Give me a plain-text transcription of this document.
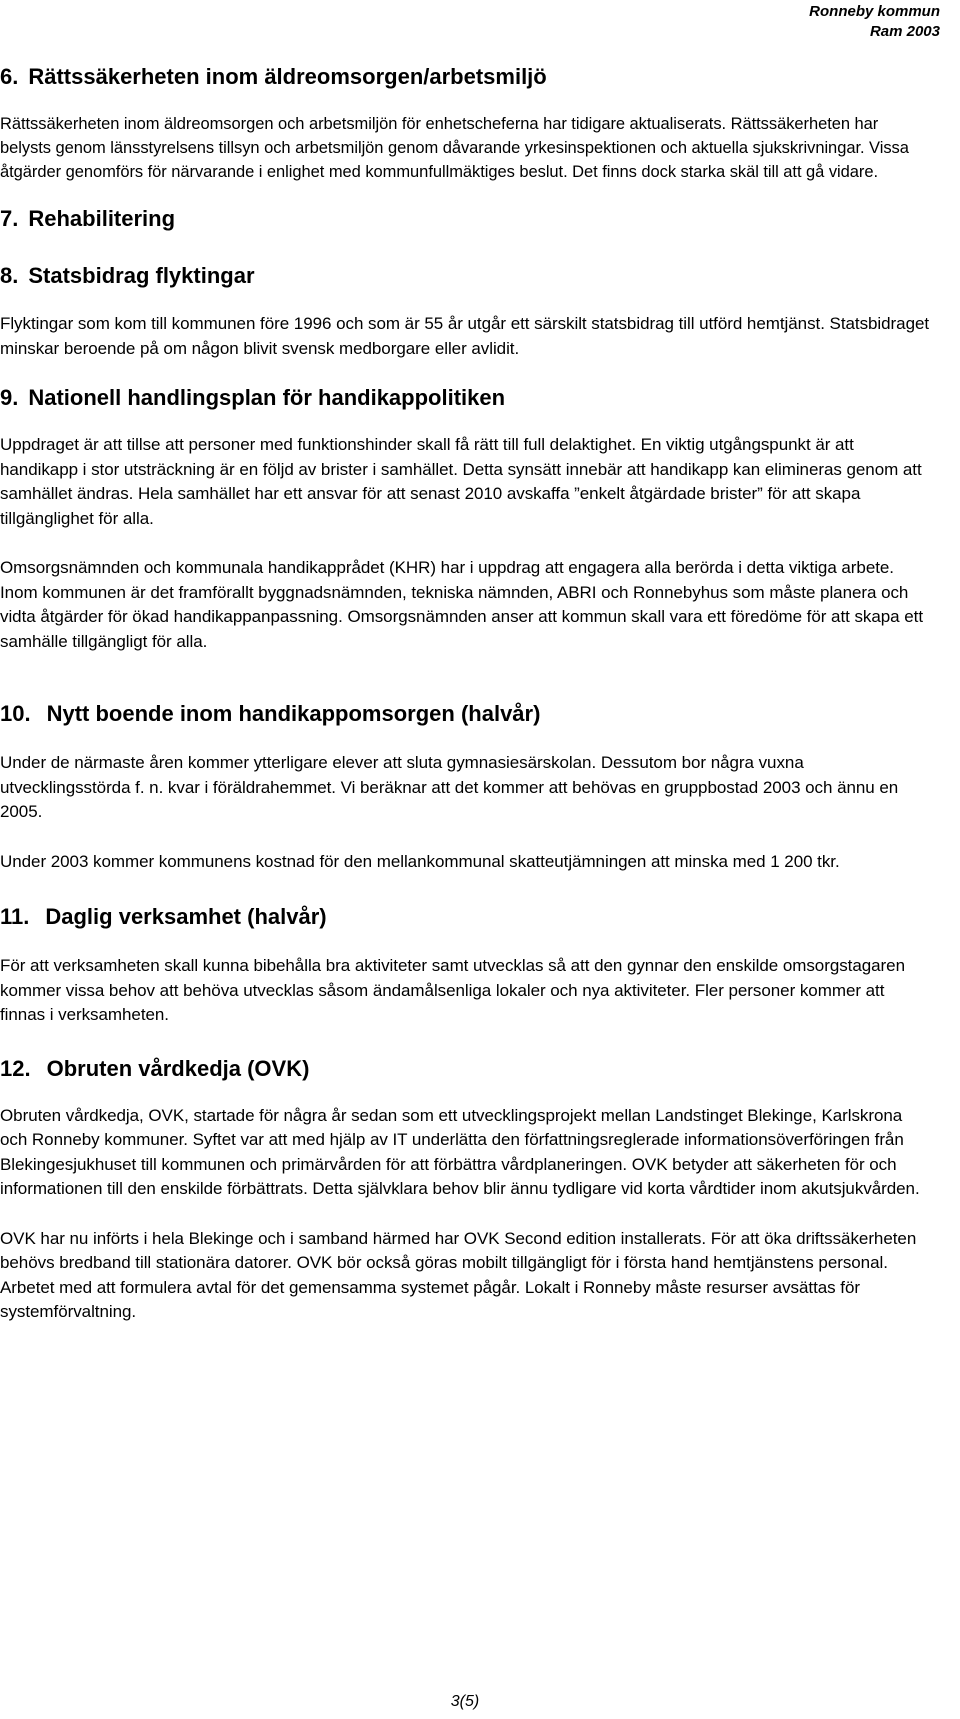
Ronneby kommun
Ram 2003
6. Rättssäkerheten inom äldreomsorgen/arbetsmiljö

Rättssäkerheten inom äldreomsorgen och arbetsmiljön för enhetscheferna har tidigare aktualiserats. Rättssäkerheten har belysts genom länsstyrelsens tillsyn och arbetsmiljön genom dåvarande yrkesinspektionen och aktuella sjukskrivningar. Vissa åtgärder genomförs för närvarande i enlighet med kommunfullmäktiges beslut. Det finns dock starka skäl till att gå vidare.

7. Rehabilitering
8. Statsbidrag flyktingar

Flyktingar som kom till kommunen före 1996 och som är 55 år utgår ett särskilt statsbidrag till utförd hemtjänst. Statsbidraget minskar beroende på om någon blivit svensk medborgare eller avlidit.

9. Nationell handlingsplan för handikappolitiken

Uppdraget är att tillse att personer med funktionshinder skall få rätt till full delaktighet. En viktig utgångspunkt är att handikapp i stor utsträckning är en följd av brister i samhället. Detta synsätt innebär att handikapp kan elimineras genom att samhället ändras. Hela samhället har ett ansvar för att senast 2010 avskaffa ”enkelt åtgärdade brister” för att skapa tillgänglighet för alla.

Omsorgsnämnden och kommunala handikapprådet (KHR) har i uppdrag att engagera alla berörda i detta viktiga arbete. Inom kommunen är det framförallt byggnadsnämnden, tekniska nämnden, ABRI och Ronnebyhus som måste planera och vidta åtgärder för ökad handikappanpassning. Omsorgsnämnden anser att kommun skall vara ett föredöme för att skapa ett samhälle tillgängligt för alla.

10. Nytt boende inom handikappomsorgen (halvår)

Under de närmaste åren kommer ytterligare elever att sluta gymnasiesärskolan. Dessutom bor några vuxna utvecklingsstörda f. n. kvar i föräldrahemmet. Vi beräknar att det kommer att behövas en gruppbostad 2003 och ännu en 2005.

Under 2003 kommer kommunens kostnad för den mellankommunal skatteutjämningen att minska med 1 200 tkr.

11. Daglig verksamhet (halvår)

För att verksamheten skall kunna bibehålla bra aktiviteter samt utvecklas så att den gynnar den enskilde omsorgstagaren kommer vissa behov att behöva utvecklas såsom ändamålsenliga lokaler och nya aktiviteter. Fler personer kommer att finnas i verksamheten.

12. Obruten vårdkedja (OVK)

Obruten vårdkedja, OVK, startade för några år sedan som ett utvecklingsprojekt mellan Landstinget Blekinge, Karlskrona och Ronneby kommuner. Syftet var att med hjälp av IT underlätta den författningsreglerade informationsöverföringen från Blekingesjukhuset till kommunen och primärvården för att förbättra vårdplaneringen. OVK betyder att säkerheten för och informationen till den enskilde förbättrats. Detta självklara behov blir ännu tydligare vid korta vårdtider inom akutsjukvården.

OVK har nu införts i hela Blekinge och i samband härmed har OVK Second edition installerats. För att öka driftssäkerheten behövs bredband till stationära datorer. OVK bör också göras mobilt tillgängligt för i första hand hemtjänstens personal. Arbetet med att formulera avtal för det gemensamma systemet pågår. Lokalt i Ronneby måste resurser avsättas för systemförvaltning.

3(5)
